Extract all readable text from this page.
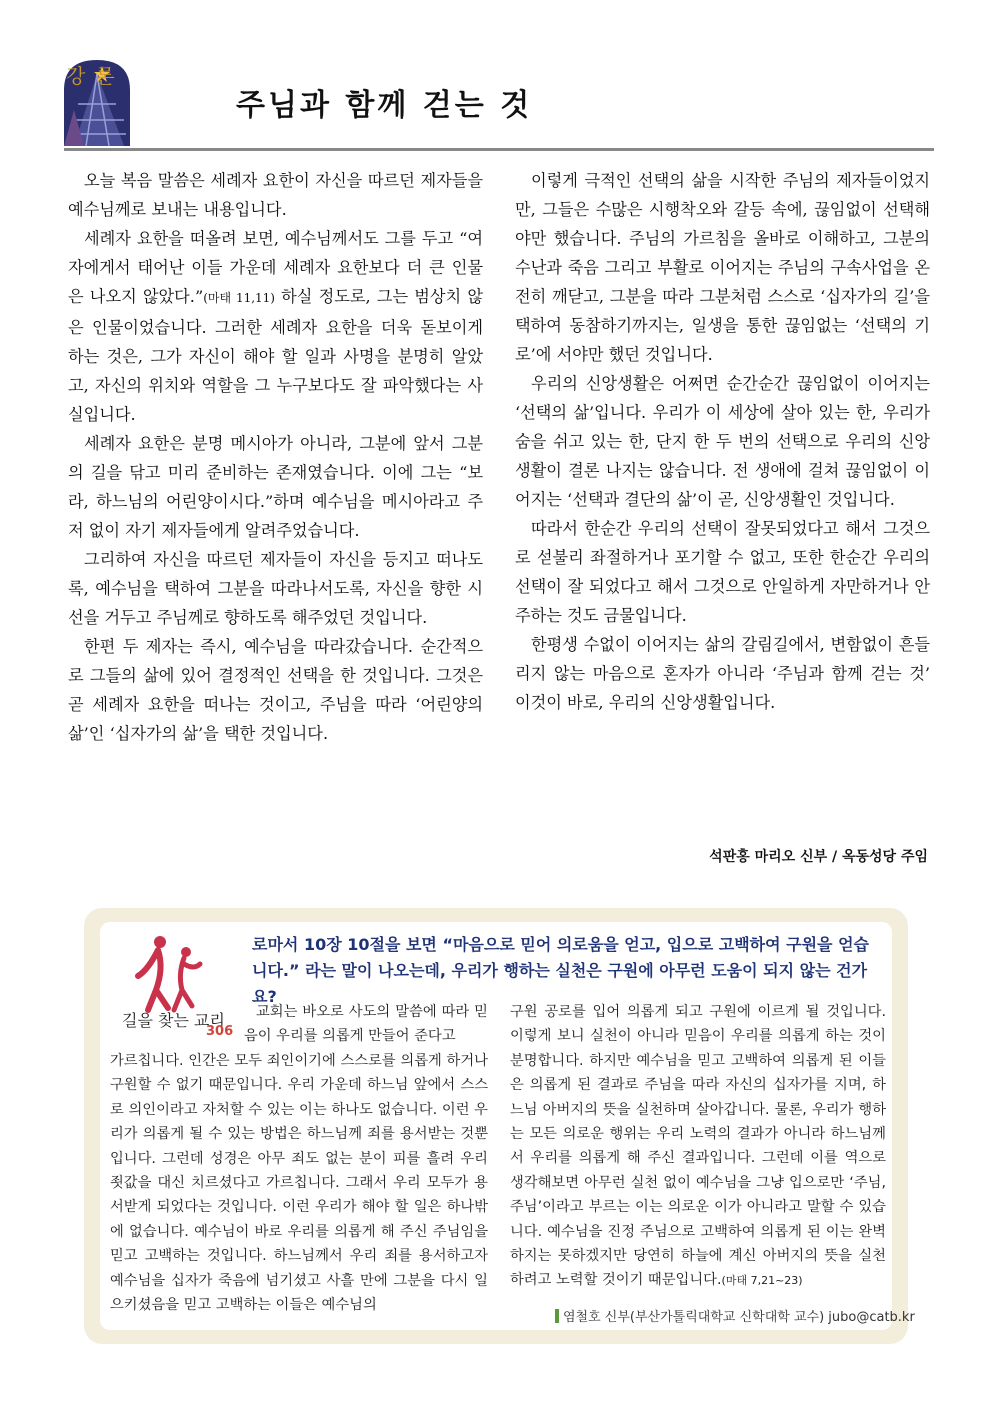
주님과 함께 걷는 것
강론

오늘 복음 말씀은 세례자 요한이 자신을 따르던 제자들을 예수님께로 보내는 내용입니다.

세례자 요한을 떠올려 보면, 예수님께서도 그를 두고 “여자에게서 태어난 이들 가운데 세례자 요한보다 더 큰 인물은 나오지 않았다.”(마태 11,11) 하실 정도로, 그는 범상치 않은 인물이었습니다. 그러한 세례자 요한을 더욱 돋보이게 하는 것은, 그가 자신이 해야 할 일과 사명을 분명히 알았고, 자신의 위치와 역할을 그 누구보다도 잘 파악했다는 사실입니다.

세례자 요한은 분명 메시아가 아니라, 그분에 앞서 그분의 길을 닦고 미리 준비하는 존재였습니다. 이에 그는 “보라, 하느님의 어린양이시다.”하며 예수님을 메시아라고 주저 없이 자기 제자들에게 알려주었습니다.

그리하여 자신을 따르던 제자들이 자신을 등지고 떠나도록, 예수님을 택하여 그분을 따라나서도록, 자신을 향한 시선을 거두고 주님께로 향하도록 해주었던 것입니다.

한편 두 제자는 즉시, 예수님을 따라갔습니다. 순간적으로 그들의 삶에 있어 결정적인 선택을 한 것입니다. 그것은 곧 세례자 요한을 떠나는 것이고, 주님을 따라 ‘어린양의 삶’인 ‘십자가의 삶’을 택한 것입니다.

이렇게 극적인 선택의 삶을 시작한 주님의 제자들이었지만, 그들은 수많은 시행착오와 갈등 속에, 끊임없이 선택해야만 했습니다. 주님의 가르침을 올바로 이해하고, 그분의 수난과 죽음 그리고 부활로 이어지는 주님의 구속사업을 온전히 깨닫고, 그분을 따라 그분처럼 스스로 ‘십자가의 길’을 택하여 동참하기까지는, 일생을 통한 끊임없는 ‘선택의 기로’에 서야만 했던 것입니다.

우리의 신앙생활은 어쩌면 순간순간 끊임없이 이어지는 ‘선택의 삶’입니다. 우리가 이 세상에 살아 있는 한, 우리가 숨을 쉬고 있는 한, 단지 한 두 번의 선택으로 우리의 신앙생활이 결론 나지는 않습니다. 전 생애에 걸쳐 끊임없이 이어지는 ‘선택과 결단의 삶’이 곧, 신앙생활인 것입니다.

따라서 한순간 우리의 선택이 잘못되었다고 해서 그것으로 섣불리 좌절하거나 포기할 수 없고, 또한 한순간 우리의 선택이 잘 되었다고 해서 그것으로 안일하게 자만하거나 안주하는 것도 금물입니다.

한평생 수없이 이어지는 삶의 갈림길에서, 변함없이 흔들리지 않는 마음으로 혼자가 아니라 ‘주님과 함께 걷는 것’ 이것이 바로, 우리의 신앙생활입니다.

석판홍 마리오 신부 / 옥동성당 주임
길을 찾는 교리
306
로마서 10장 10절을 보면 “마음으로 믿어 의로움을 얻고, 입으로 고백하여 구원을 얻습니다.” 라는 말이 나오는데, 우리가 행하는 실천은 구원에 아무런 도움이 되지 않는 건가요?

교회는 바오로 사도의 말씀에 따라 믿음이 우리를 의롭게 만들어 준다고

가르칩니다. 인간은 모두 죄인이기에 스스로를 의롭게 하거나 구원할 수 없기 때문입니다. 우리 가운데 하느님 앞에서 스스로 의인이라고 자처할 수 있는 이는 하나도 없습니다. 이런 우리가 의롭게 될 수 있는 방법은 하느님께 죄를 용서받는 것뿐입니다. 그런데 성경은 아무 죄도 없는 분이 피를 흘려 우리 죗값을 대신 치르셨다고 가르칩니다. 그래서 우리 모두가 용서받게 되었다는 것입니다. 이런 우리가 해야 할 일은 하나밖에 없습니다. 예수님이 바로 우리를 의롭게 해 주신 주님임을 믿고 고백하는 것입니다. 하느님께서 우리 죄를 용서하고자 예수님을 십자가 죽음에 넘기셨고 사흘 만에 그분을 다시 일으키셨음을 믿고 고백하는 이들은 예수님의

구원 공로를 입어 의롭게 되고 구원에 이르게 될 것입니다. 이렇게 보니 실천이 아니라 믿음이 우리를 의롭게 하는 것이 분명합니다. 하지만 예수님을 믿고 고백하여 의롭게 된 이들은 의롭게 된 결과로 주님을 따라 자신의 십자가를 지며, 하느님 아버지의 뜻을 실천하며 살아갑니다. 물론, 우리가 행하는 모든 의로운 행위는 우리 노력의 결과가 아니라 하느님께서 우리를 의롭게 해 주신 결과입니다. 그런데 이를 역으로 생각해보면 아무런 실천 없이 예수님을 그냥 입으로만 ‘주님, 주님’이라고 부르는 이는 의로운 이가 아니라고 말할 수 있습니다. 예수님을 진정 주님으로 고백하여 의롭게 된 이는 완벽하지는 못하겠지만 당연히 하늘에 계신 아버지의 뜻을 실천하려고 노력할 것이기 때문입니다.(마태 7,21~23)

염철호 신부(부산가톨릭대학교 신학대학 교수) jubo@catb.kr
